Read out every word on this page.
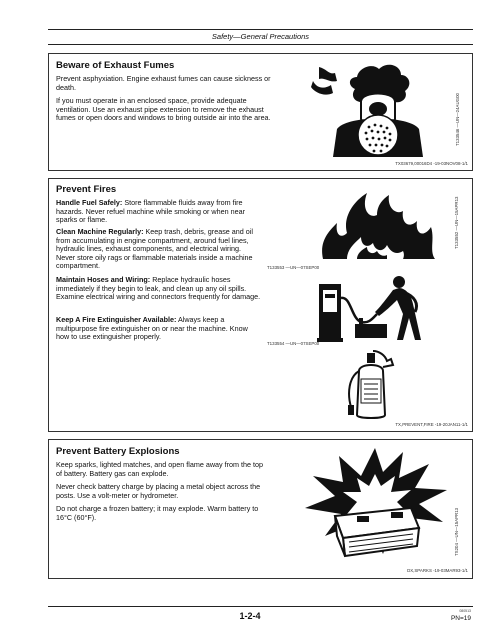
Safety—General Precautions
Beware of Exhaust Fumes
Prevent asphyxiation. Engine exhaust fumes can cause sickness or death.
If you must operate in an enclosed space, provide adequate ventilation. Use an exhaust pipe extension to remove the exhaust fumes or open doors and windows to bring outside air into the area.	T133546 —UN—24AUG00
TX03679,00016D4 -19-03NOV08-1/1
Prevent Fires
Handle Fuel Safely: Store flammable fluids away from fire hazards. Never refuel machine while smoking or when near sparks or flame.
Clean Machine Regularly: Keep trash, debris, grease and oil from accumulating in engine compartment, around fuel lines, hydraulic lines, exhaust components, and electrical wiring. Never store oily rags or flammable materials inside a machine compartment.
Maintain Hoses and Wiring: Replace hydraulic hoses immediately if they begin to leak, and clean up any oil spills. Examine electrical wiring and connectors frequently for damage.
Keep A Fire Extinguisher Available: Always keep a multipurpose fire extinguisher on or near the machine. Know how to use extinguisher properly.
T133552 —UN—15APR13
T133553 —UN—07SEP00
T133554 —UN—07SEP00
TX,PREVENT,FIRE -19-20JAN11-1/1
Prevent Battery Explosions
Keep sparks, lighted matches, and open flame away from the top of battery. Battery gas can explode.
Never check battery charge by placing a metal object across the posts. Use a volt-meter or hydrometer.
Do not charge a frozen battery; it may explode. Warm battery to 16°C (60°F).	TS204 —UN—15APR13
DX,SPARKS -19-03MAR93-1/1
1-2-4	080513
PN=19
